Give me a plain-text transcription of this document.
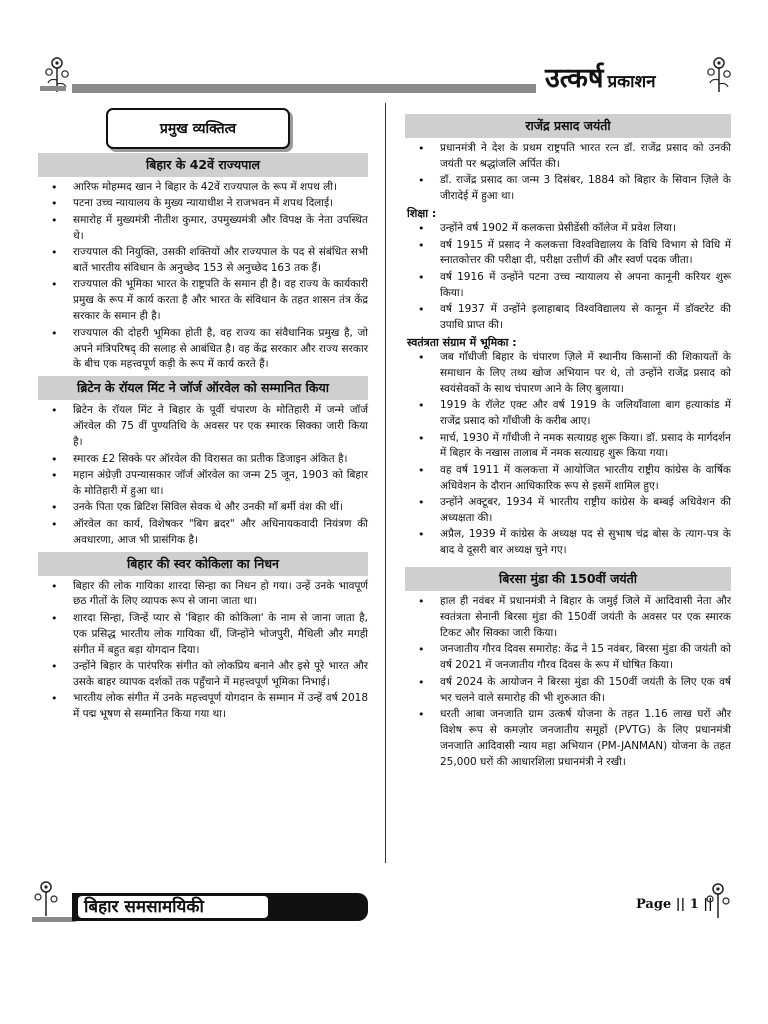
उत्कर्ष प्रकाशन
प्रमुख व्यक्तित्व
बिहार के 42वें राज्यपाल
• आरिफ मोहम्मद खान ने बिहार के 42वें राज्यपाल के रूप में शपथ ली।
• पटना उच्च न्यायालय के मुख्य न्यायाधीश ने राजभवन में शपथ दिलाई।
• समारोह में मुख्यमंत्री नीतीश कुमार, उपमुख्यमंत्री और विपक्ष के नेता उपस्थित थे।
• राज्यपाल की नियुक्ति, उसकी शक्तियों और राज्यपाल के पद से संबंधित सभी बातें भारतीय संविधान के अनुच्छेद 153 से अनुच्छेद 163 तक हैं।
• राज्यपाल की भूमिका भारत के राष्ट्रपति के समान ही है। वह राज्य के कार्यकारी प्रमुख के रूप में कार्य करता है और भारत के संविधान के तहत शासन तंत्र केंद्र सरकार के समान ही है।
• राज्यपाल की दोहरी भूमिका होती है, वह राज्य का संवैधानिक प्रमुख है, जो अपने मंत्रिपरिषद् की सलाह से आबंधित है। वह केंद्र सरकार और राज्य सरकार के बीच एक महत्त्वपूर्ण कड़ी के रूप में कार्य करते हैं।
ब्रिटेन के रॉयल मिंट ने जॉर्ज ऑरवेल को सम्मानित किया
• ब्रिटेन के रॉयल मिंट ने बिहार के पूर्वी चंपारण के मोतिहारी में जन्मे जॉर्ज ऑरवेल की 75 वीं पुण्यतिथि के अवसर पर एक स्मारक सिक्का जारी किया है।
• स्मारक £2 सिक्के पर ऑरवेल की विरासत का प्रतीक डिजाइन अंकित है।
• महान अंग्रेज़ी उपन्यासकार जॉर्ज ऑरवेल का जन्म 25 जून, 1903 को बिहार के मोतिहारी में हुआ था।
• उनके पिता एक ब्रिटिश सिविल सेवक थे और उनकी माँ बर्मी वंश की थीं।
• ऑरवेल का कार्य, विशेषकर "बिग ब्रदर" और अधिनायकवादी नियंत्रण की अवधारणा, आज भी प्रासंगिक है।
बिहार की स्वर कोकिला का निधन
• बिहार की लोक गायिका शारदा सिन्हा का निधन हो गया। उन्हें उनके भावपूर्ण छठ गीतों के लिए व्यापक रूप से जाना जाता था।
• शारदा सिन्हा, जिन्हें प्यार से 'बिहार की कोकिला' के नाम से जाना जाता है, एक प्रसिद्ध भारतीय लोक गायिका थीं, जिन्होंने भोजपुरी, मैथिली और मगही संगीत में बहुत बड़ा योगदान दिया।
• उन्होंने बिहार के पारंपरिक संगीत को लोकप्रिय बनाने और इसे पूरे भारत और उसके बाहर व्यापक दर्शकों तक पहुँचाने में महत्त्वपूर्ण भूमिका निभाई।
• भारतीय लोक संगीत में उनके महत्त्वपूर्ण योगदान के सम्मान में उन्हें वर्ष 2018 में पद्म भूषण से सम्मानित किया गया था।
राजेंद्र प्रसाद जयंती
• प्रधानमंत्री ने देश के प्रथम राष्ट्रपति भारत रत्न डॉ. राजेंद्र प्रसाद को उनकी जयंती पर श्रद्धांजलि अर्पित की।
• डॉ. राजेंद्र प्रसाद का जन्म 3 दिसंबर, 1884 को बिहार के सिवान ज़िले के जीरादेई में हुआ था।
शिक्षा :
• उन्होंने वर्ष 1902 में कलकत्ता प्रेसीडेंसी कॉलेज में प्रवेश लिया।
• वर्ष 1915 में प्रसाद ने कलकत्ता विश्वविद्यालय के विधि विभाग से विधि में स्नातकोत्तर की परीक्षा दी, परीक्षा उत्तीर्ण की और स्वर्ण पदक जीता।
• वर्ष 1916 में उन्होंने पटना उच्च न्यायालय से अपना कानूनी करियर शुरू किया।
• वर्ष 1937 में उन्होंने इलाहाबाद विश्वविद्यालय से कानून में डॉक्टरेट की उपाधि प्राप्त की।
स्वतंत्रता संग्राम में भूमिका :
• जब गाँधीजी बिहार के चंपारण ज़िले में स्थानीय किसानों की शिकायतों के समाधान के लिए तथ्य खोज अभियान पर थे, तो उन्होंने राजेंद्र प्रसाद को स्वयंसेवकों के साथ चंपारण आने के लिए बुलाया।
• 1919 के रॉलेट एक्ट और वर्ष 1919 के जलियाँवाला बाग हत्याकांड में राजेंद्र प्रसाद को गाँधीजी के करीब आए।
• मार्च, 1930 में गाँधीजी ने नमक सत्याग्रह शुरू किया। डॉ. प्रसाद के मार्गदर्शन में बिहार के नखास तालाब में नमक सत्याग्रह शुरू किया गया।
• वह वर्ष 1911 में कलकत्ता में आयोजित भारतीय राष्ट्रीय कांग्रेस के वार्षिक अधिवेशन के दौरान आधिकारिक रूप से इसमें शामिल हुए।
• उन्होंने अक्टूबर, 1934 में भारतीय राष्ट्रीय कांग्रेस के बम्बई अधिवेशन की अध्यक्षता की।
• अप्रैल, 1939 में कांग्रेस के अध्यक्ष पद से सुभाष चंद्र बोस के त्याग-पत्र के बाद वे दूसरी बार अध्यक्ष चुने गए।
बिरसा मुंडा की 150वीं जयंती
• हाल ही नवंबर में प्रधानमंत्री ने बिहार के जमुई जिले में आदिवासी नेता और स्वतंत्रता सेनानी बिरसा मुंडा की 150वीं जयंती के अवसर पर एक स्मारक टिकट और सिक्का जारी किया।
• जनजातीय गौरव दिवस समारोह: केंद्र ने 15 नवंबर, बिरसा मुंडा की जयंती को वर्ष 2021 में जनजातीय गौरव दिवस के रूप में घोषित किया।
• वर्ष 2024 के आयोजन ने बिरसा मुंडा की 150वीं जयंती के लिए एक वर्ष भर चलने वाले समारोह की भी शुरुआत की।
• धरती आबा जनजाति ग्राम उत्कर्ष योजना के तहत 1.16 लाख घरों और विशेष रूप से कमज़ोर जनजातीय समूहों (PVTG) के लिए प्रधानमंत्री जनजाति आदिवासी न्याय महा अभियान (PM-JANMAN) योजना के तहत 25,000 घरों की आधारशिला प्रधानमंत्री ने रखी।
बिहार समसामयिकी	Page || 1 ||
